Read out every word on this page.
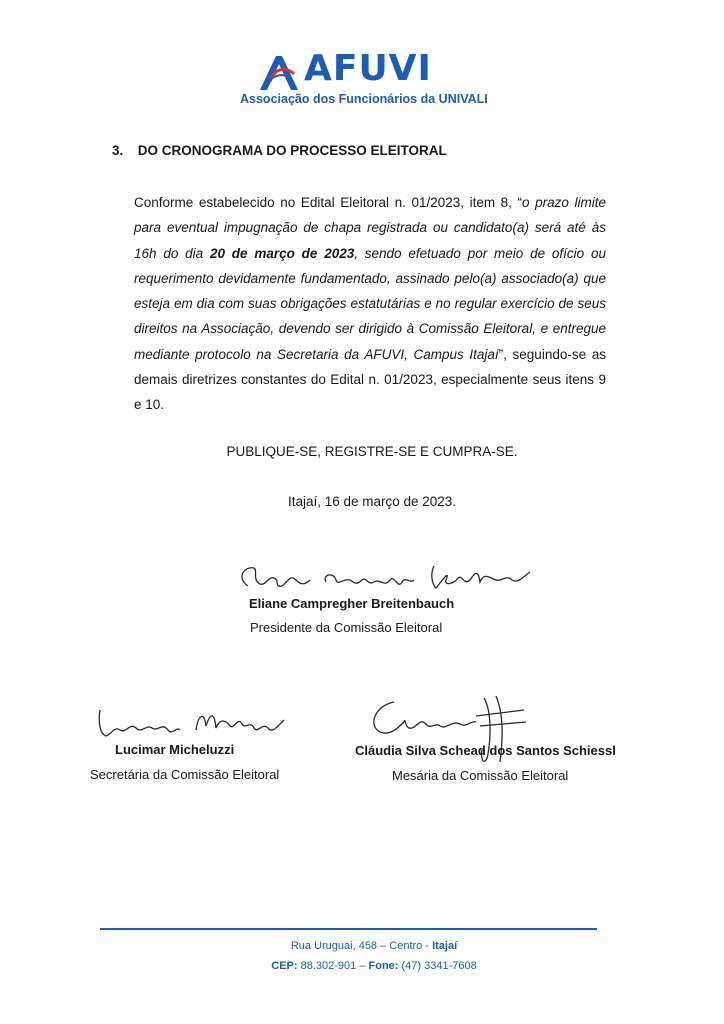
AFUVI
Associação dos Funcionários da UNIVALI
3. DO CRONOGRAMA DO PROCESSO ELEITORAL
Conforme estabelecido no Edital Eleitoral n. 01/2023, item 8, “o prazo limite para eventual impugnação de chapa registrada ou candidato(a) será até às 16h do dia 20 de março de 2023, sendo efetuado por meio de ofício ou requerimento devidamente fundamentado, assinado pelo(a) associado(a) que esteja em dia com suas obrigações estatutárias e no regular exercício de seus direitos na Associação, devendo ser dirigido à Comissão Eleitoral, e entregue mediante protocolo na Secretaria da AFUVI, Campus Itajaí”, seguindo-se as demais diretrizes constantes do Edital n. 01/2023, especialmente seus itens 9 e 10.
PUBLIQUE-SE, REGISTRE-SE E CUMPRA-SE.
Itajaí, 16 de março de 2023.
Eliane Campregher Breitenbauch
Presidente da Comissão Eleitoral
Lucimar Micheluzzi
Secretária da Comissão Eleitoral
Cláudia Silva Schead dos Santos Schiessl
Mesária da Comissão Eleitoral
Rua Uruguai, 458 – Centro - Itajaí
CEP: 88.302-901 – Fone: (47) 3341-7608
